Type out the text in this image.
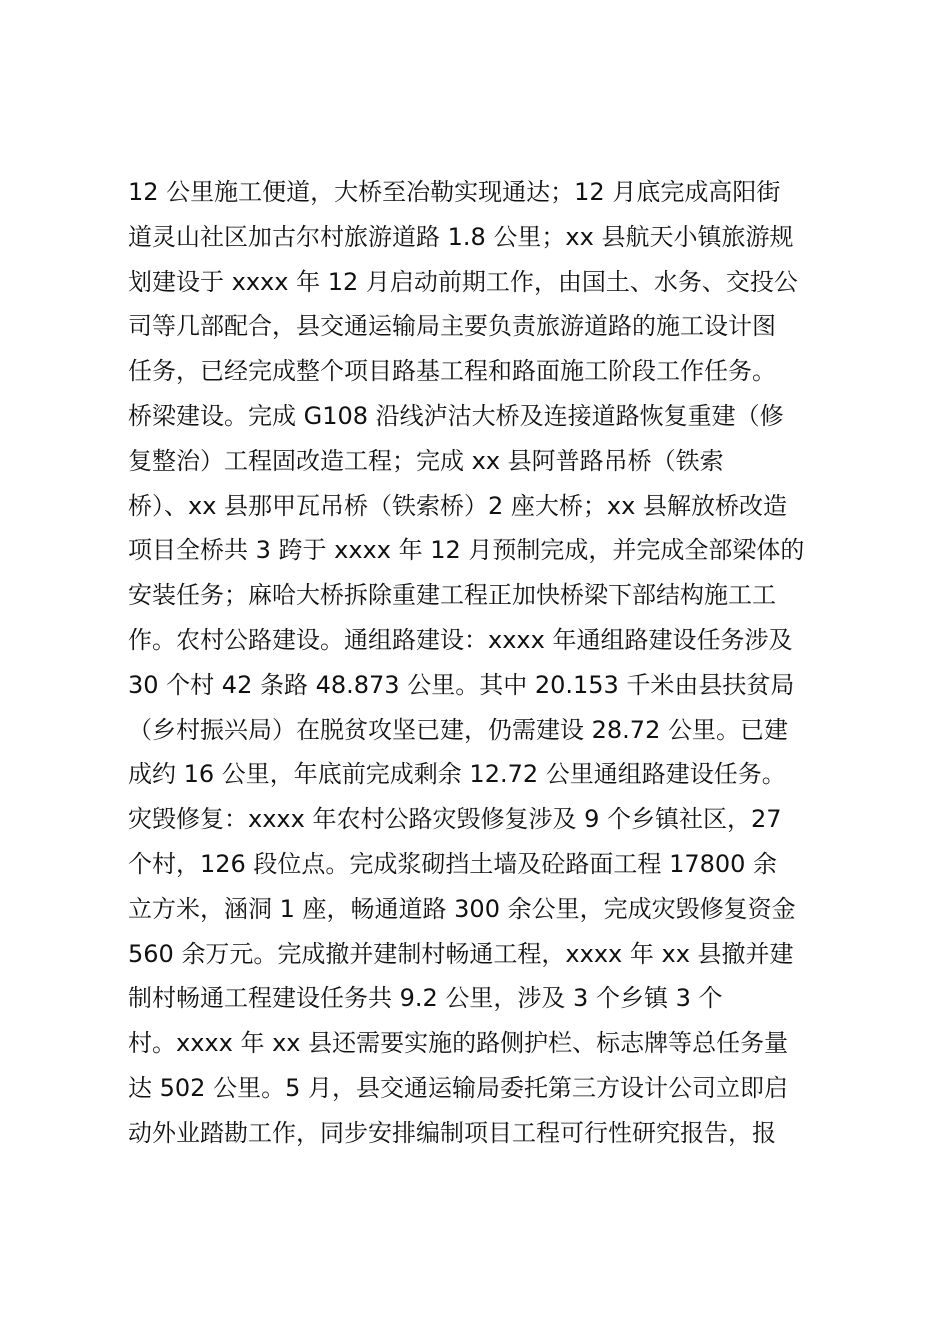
12 公里施工便道，大桥至冶勒实现通达；12 月底完成高阳街
道灵山社区加古尔村旅游道路 1.8 公里；xx 县航天小镇旅游规
划建设于 xxxx 年 12 月启动前期工作，由国土、水务、交投公
司等几部配合，县交通运输局主要负责旅游道路的施工设计图
任务，已经完成整个项目路基工程和路面施工阶段工作任务。
桥梁建设。完成 G108 沿线泸沽大桥及连接道路恢复重建（修
复整治）工程固改造工程；完成 xx 县阿普路吊桥（铁索
桥）、xx 县那甲瓦吊桥（铁索桥）2 座大桥；xx 县解放桥改造
项目全桥共 3 跨于 xxxx 年 12 月预制完成，并完成全部梁体的
安装任务；麻哈大桥拆除重建工程正加快桥梁下部结构施工工
作。农村公路建设。通组路建设：xxxx 年通组路建设任务涉及
30 个村 42 条路 48.873 公里。其中 20.153 千米由县扶贫局
（乡村振兴局）在脱贫攻坚已建，仍需建设 28.72 公里。已建
成约 16 公里，年底前完成剩余 12.72 公里通组路建设任务。
灾毁修复：xxxx 年农村公路灾毁修复涉及 9 个乡镇社区，27
个村，126 段位点。完成浆砌挡土墙及砼路面工程 17800 余
立方米，涵洞 1 座，畅通道路 300 余公里，完成灾毁修复资金
560 余万元。完成撤并建制村畅通工程，xxxx 年 xx 县撤并建
制村畅通工程建设任务共 9.2 公里，涉及 3 个乡镇 3 个
村。xxxx 年 xx 县还需要实施的路侧护栏、标志牌等总任务量
达 502 公里。5 月，县交通运输局委托第三方设计公司立即启
动外业踏勘工作，同步安排编制项目工程可行性研究报告，报
